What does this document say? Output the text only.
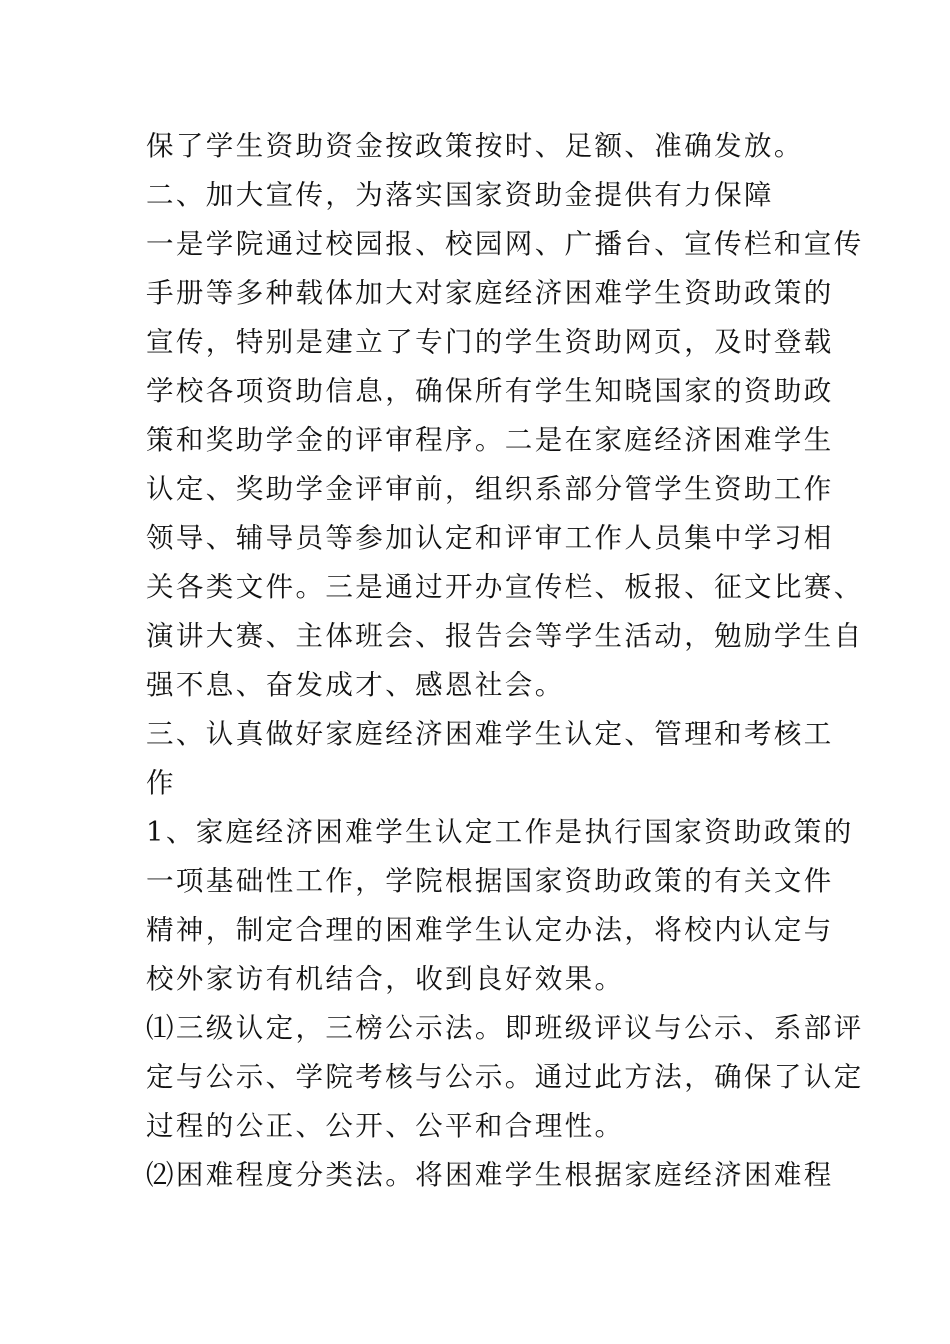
保了学生资助资金按政策按时、足额、准确发放。
二、加大宣传，为落实国家资助金提供有力保障
一是学院通过校园报、校园网、广播台、宣传栏和宣传
手册等多种载体加大对家庭经济困难学生资助政策的
宣传，特别是建立了专门的学生资助网页，及时登载
学校各项资助信息，确保所有学生知晓国家的资助政
策和奖助学金的评审程序。二是在家庭经济困难学生
认定、奖助学金评审前，组织系部分管学生资助工作
领导、辅导员等参加认定和评审工作人员集中学习相
关各类文件。三是通过开办宣传栏、板报、征文比赛、
演讲大赛、主体班会、报告会等学生活动，勉励学生自
强不息、奋发成才、感恩社会。
三、认真做好家庭经济困难学生认定、管理和考核工
作
1、家庭经济困难学生认定工作是执行国家资助政策的
一项基础性工作，学院根据国家资助政策的有关文件
精神，制定合理的困难学生认定办法，将校内认定与
校外家访有机结合，收到良好效果。
⑴三级认定，三榜公示法。即班级评议与公示、系部评
定与公示、学院考核与公示。通过此方法，确保了认定
过程的公正、公开、公平和合理性。
⑵困难程度分类法。将困难学生根据家庭经济困难程
